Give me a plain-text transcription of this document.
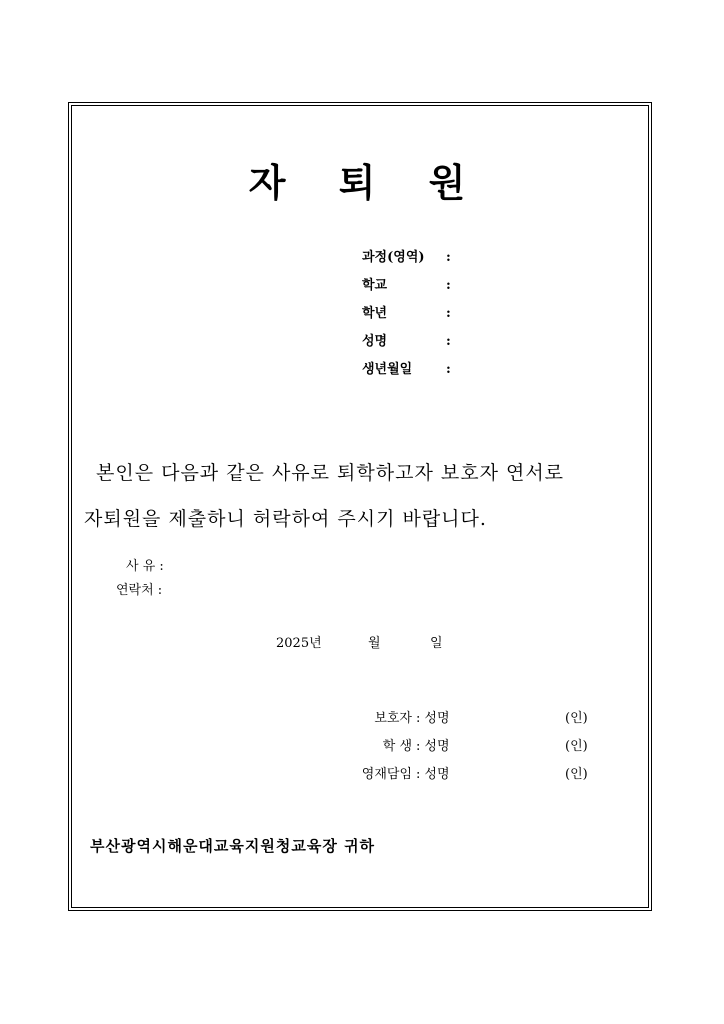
자 퇴 원
과정(영역) :
학교	:
학년	:
성명	:
생년월일	:
본인은 다음과 같은 사유로 퇴학하고자 보호자 연서로
자퇴원을 제출하니 허락하여 주시기 바랍니다.
사 유 :
연락처 :
2025년	월	일
보호자 : 성명	(인)
학 생 : 성명	(인)
영재담임 : 성명	(인)
부산광역시해운대교육지원청교육장 귀하
